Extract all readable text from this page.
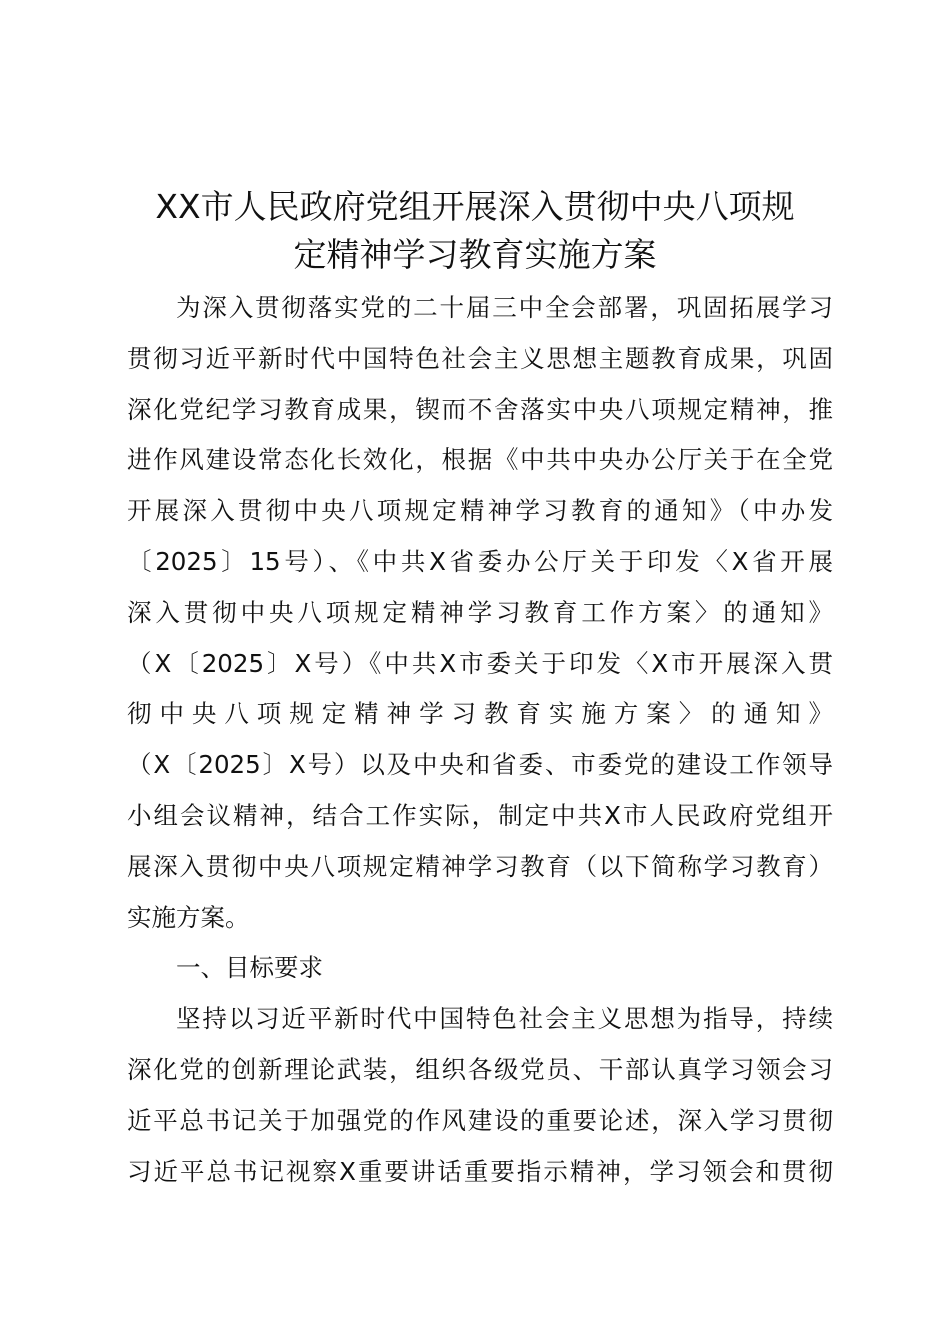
XX市人民政府党组开展深入贯彻中央八项规
定精神学习教育实施方案
为深入贯彻落实党的二十届三中全会部署，巩固拓展学习
贯彻习近平新时代中国特色社会主义思想主题教育成果，巩固
深化党纪学习教育成果，锲而不舍落实中央八项规定精神，推
进作风建设常态化长效化，根据《中共中央办公厅关于在全党
开展深入贯彻中央八项规定精神学习教育的通知》（中办发
〔2025〕15号）、《中共X省委办公厅关于印发〈X省开展
深入贯彻中央八项规定精神学习教育工作方案〉的通知》
（X〔2025〕X号）《中共X市委关于印发〈X市开展深入贯
彻中央八项规定精神学习教育实施方案〉的通知》
（X〔2025〕X号）以及中央和省委、市委党的建设工作领导
小组会议精神，结合工作实际，制定中共X市人民政府党组开
展深入贯彻中央八项规定精神学习教育（以下简称学习教育）
实施方案。
一、目标要求
坚持以习近平新时代中国特色社会主义思想为指导，持续
深化党的创新理论武装，组织各级党员、干部认真学习领会习
近平总书记关于加强党的作风建设的重要论述，深入学习贯彻
习近平总书记视察X重要讲话重要指示精神，学习领会和贯彻
